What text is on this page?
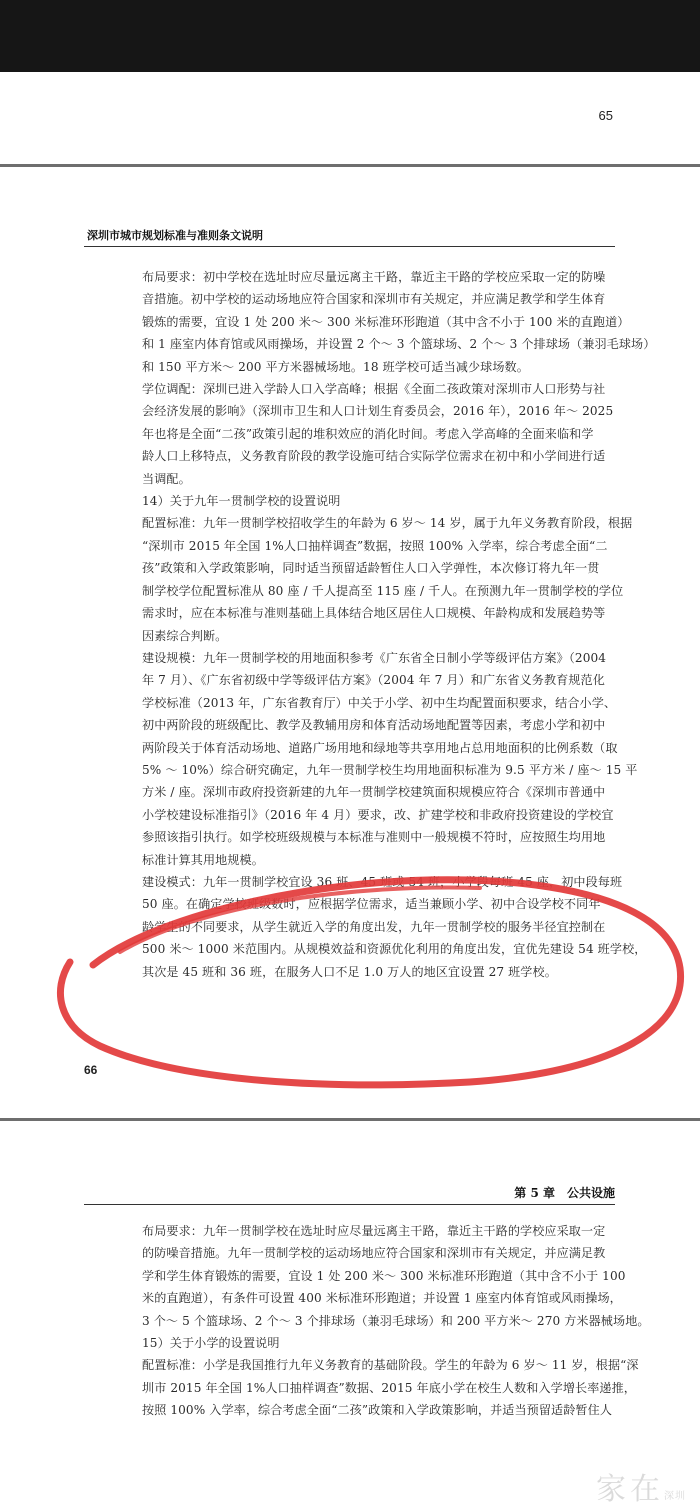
65
深圳市城市规划标准与准则条文说明

布局要求：初中学校在选址时应尽量远离主干路，靠近主干路的学校应采取一定的防噪

音措施。初中学校的运动场地应符合国家和深圳市有关规定，并应满足教学和学生体育

锻炼的需要，宜设 1 处 200 米～ 300 米标准环形跑道（其中含不小于 100 米的直跑道）

和 1 座室内体育馆或风雨操场，并设置 2 个～ 3 个篮球场、2 个～ 3 个排球场（兼羽毛球场）

和 150 平方米～ 200 平方米器械场地。18 班学校可适当减少球场数。

学位调配：深圳已进入学龄人口入学高峰；根据《全面二孩政策对深圳市人口形势与社

会经济发展的影响》（深圳市卫生和人口计划生育委员会，2016 年），2016 年～ 2025

年也将是全面“二孩”政策引起的堆积效应的消化时间。考虑入学高峰的全面来临和学

龄人口上移特点，义务教育阶段的教学设施可结合实际学位需求在初中和小学间进行适

当调配。

14）关于九年一贯制学校的设置说明

配置标准：九年一贯制学校招收学生的年龄为 6 岁～ 14 岁，属于九年义务教育阶段，根据

“深圳市 2015 年全国 1%人口抽样调查”数据，按照 100% 入学率，综合考虑全面“二

孩”政策和入学政策影响，同时适当预留适龄暂住人口入学弹性，本次修订将九年一贯

制学校学位配置标准从 80 座 / 千人提高至 115 座 / 千人。在预测九年一贯制学校的学位

需求时，应在本标准与准则基础上具体结合地区居住人口规模、年龄构成和发展趋势等

因素综合判断。

建设规模：九年一贯制学校的用地面积参考《广东省全日制小学等级评估方案》（2004

年 7 月）、《广东省初级中学等级评估方案》（2004 年 7 月）和广东省义务教育规范化

学校标准（2013 年，广东省教育厅）中关于小学、初中生均配置面积要求，结合小学、

初中两阶段的班级配比、教学及教辅用房和体育活动场地配置等因素，考虑小学和初中

两阶段关于体育活动场地、道路广场用地和绿地等共享用地占总用地面积的比例系数（取

5% ～ 10%）综合研究确定，九年一贯制学校生均用地面积标准为 9.5 平方米 / 座～ 15 平

方米 / 座。深圳市政府投资新建的九年一贯制学校建筑面积规模应符合《深圳市普通中

小学校建设标准指引》（2016 年 4 月）要求，改、扩建学校和非政府投资建设的学校宜

参照该指引执行。如学校班级规模与本标准与准则中一般规模不符时，应按照生均用地

标准计算其用地规模。

建设模式：九年一贯制学校宜设 36 班、45 班或 54 班，小学段每班 45 座，初中段每班

50 座。在确定学校班级数时，应根据学位需求，适当兼顾小学、初中合设学校不同年

龄学生的不同要求，从学生就近入学的角度出发，九年一贯制学校的服务半径宜控制在

500 米～ 1000 米范围内。从规模效益和资源优化利用的角度出发，宜优先建设 54 班学校，

其次是 45 班和 36 班，在服务人口不足 1.0 万人的地区宜设置 27 班学校。

66
第 5 章　公共设施

布局要求：九年一贯制学校在选址时应尽量远离主干路，靠近主干路的学校应采取一定

的防噪音措施。九年一贯制学校的运动场地应符合国家和深圳市有关规定，并应满足教

学和学生体育锻炼的需要，宜设 1 处 200 米～ 300 米标准环形跑道（其中含不小于 100

米的直跑道），有条件可设置 400 米标准环形跑道；并设置 1 座室内体育馆或风雨操场，

3 个～ 5 个篮球场、2 个～ 3 个排球场（兼羽毛球场）和 200 平方米～ 270 方米器械场地。

15）关于小学的设置说明

配置标准：小学是我国推行九年义务教育的基础阶段。学生的年龄为 6 岁～ 11 岁，根据“深

圳市 2015 年全国 1%人口抽样调查”数据、2015 年底小学在校生人数和入学增长率递推，

按照 100% 入学率，综合考虑全面“二孩”政策和入学政策影响，并适当预留适龄暂住人

家在深圳
